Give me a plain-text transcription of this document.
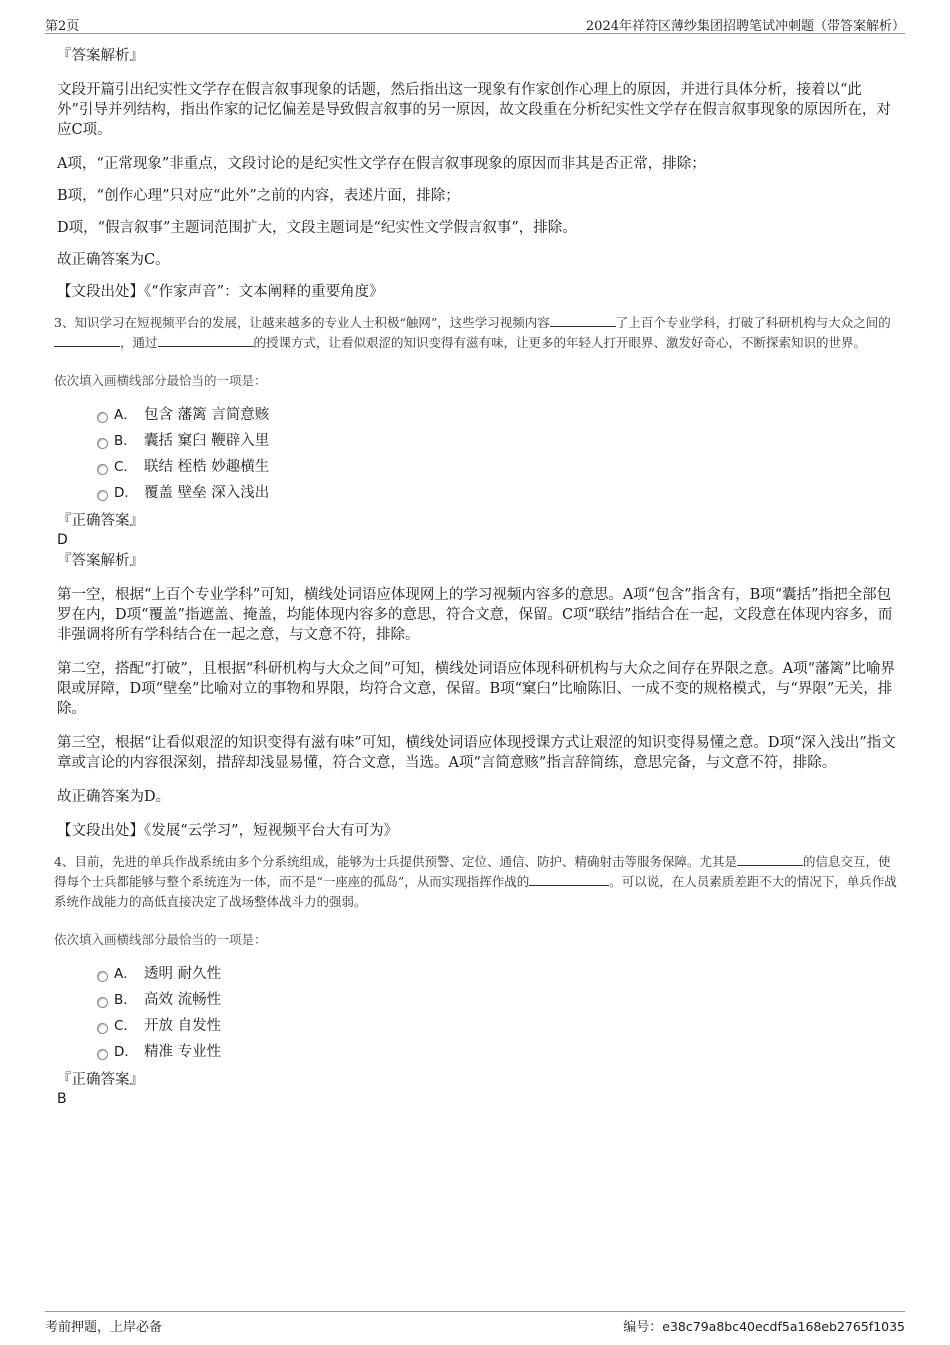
第2页	2024年祥符区薄纱集团招聘笔试冲刺题（带答案解析）

『答案解析』

文段开篇引出纪实性文学存在假言叙事现象的话题，然后指出这一现象有作家创作心理上的原因，并进行具体分析，接着以“此外”引导并列结构，指出作家的记忆偏差是导致假言叙事的另一原因，故文段重在分析纪实性文学存在假言叙事现象的原因所在，对应C项。

A项，“正常现象”非重点，文段讨论的是纪实性文学存在假言叙事现象的原因而非其是否正常，排除；

B项，“创作心理”只对应“此外”之前的内容，表述片面，排除；

D项，“假言叙事”主题词范围扩大，文段主题词是“纪实性文学假言叙事”，排除。

故正确答案为C。

【文段出处】《“作家声音”：文本阐释的重要角度》

3、知识学习在短视频平台的发展，让越来越多的专业人士积极“触网”，这些学习视频内容	了上百个专业学科，打破了科研机构与大众之间的，通过	的授课方式，让看似艰涩的知识变得有滋有味，让更多的年轻人打开眼界、激发好奇心，不断探索知识的世界。

依次填入画横线部分最恰当的一项是：

A． 包含 藩篱 言简意赅
B． 囊括 窠臼 鞭辟入里
C． 联结 桎梏 妙趣横生
D． 覆盖 壁垒 深入浅出

『正确答案』

D

『答案解析』

第一空，根据“上百个专业学科”可知，横线处词语应体现网上的学习视频内容多的意思。A项“包含”指含有，B项“囊括”指把全部包罗在内，D项“覆盖”指遮盖、掩盖，均能体现内容多的意思，符合文意，保留。C项“联结”指结合在一起，文段意在体现内容多，而非强调将所有学科结合在一起之意，与文意不符，排除。

第二空，搭配“打破”，且根据“科研机构与大众之间”可知，横线处词语应体现科研机构与大众之间存在界限之意。A项“藩篱”比喻界限或屏障，D项“壁垒”比喻对立的事物和界限，均符合文意，保留。B项“窠臼”比喻陈旧、一成不变的规格模式，与“界限”无关，排除。

第三空，根据“让看似艰涩的知识变得有滋有味”可知，横线处词语应体现授课方式让艰涩的知识变得易懂之意。D项“深入浅出”指文章或言论的内容很深刻，措辞却浅显易懂，符合文意，当选。A项“言简意赅”指言辞简练，意思完备，与文意不符，排除。

故正确答案为D。

【文段出处】《发展“云学习”，短视频平台大有可为》

4、目前，先进的单兵作战系统由多个分系统组成，能够为士兵提供预警、定位、通信、防护、精确射击等服务保障。尤其是	的信息交互，使得每个士兵都能够与整个系统连为一体，而不是“一座座的孤岛”，从而实现指挥作战的	。可以说，在人员素质差距不大的情况下，单兵作战系统作战能力的高低直接决定了战场整体战斗力的强弱。

依次填入画横线部分最恰当的一项是：

A． 透明 耐久性
B． 高效 流畅性
C． 开放 自发性
D． 精准 专业性

『正确答案』

B

考前押题，上岸必备	编号：e38c79a8bc40ecdf5a168eb2765f1035
